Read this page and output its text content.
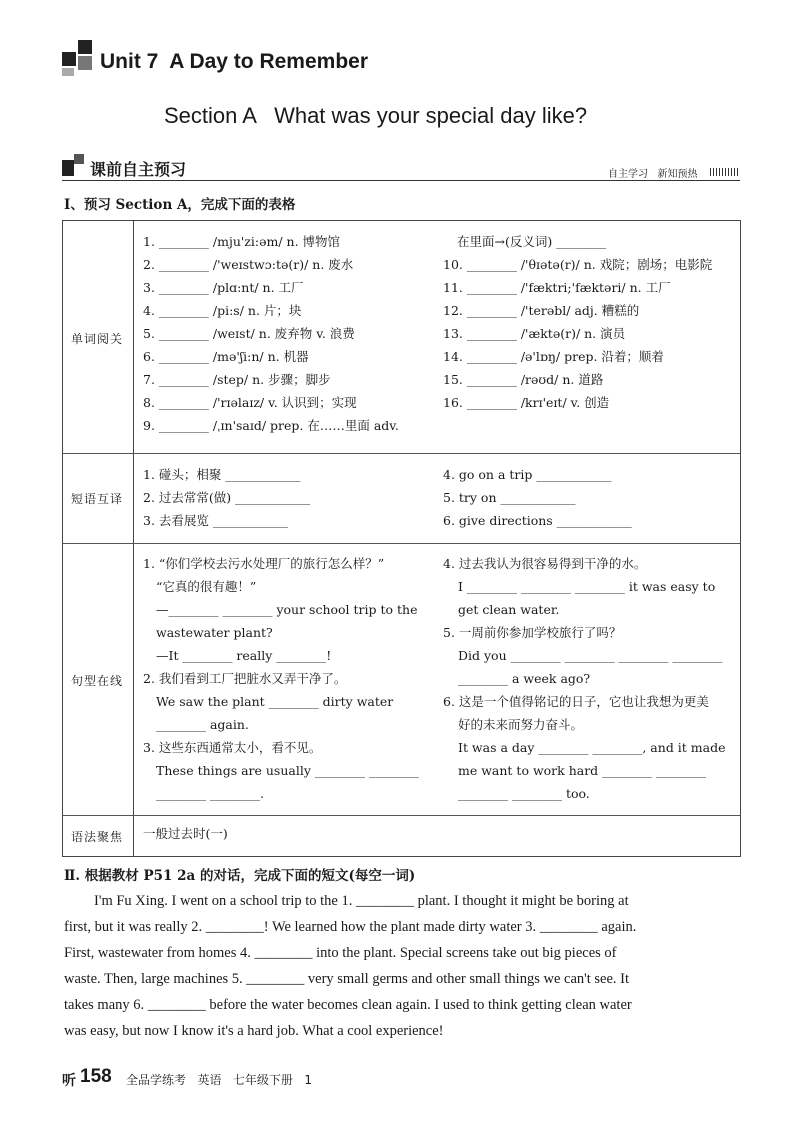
Unit 7  A Day to Remember
Section A   What was your special day like?
课前自主预习	自主学习   新知预热
Ⅰ、预习 Section A，完成下面的表格
单词阅关
1. ________ /mju'zi:əm/ n. 博物馆
2. ________ /'weɪstwɔ:tə(r)/ n. 废水
3. ________ /plɑ:nt/ n. 工厂
4. ________ /pi:s/ n. 片；块
5. ________ /weɪst/ n. 废弃物 v. 浪费
6. ________ /mə'ʃi:n/ n. 机器
7. ________ /step/ n. 步骤；脚步
8. ________ /'rɪəlaɪz/ v. 认识到；实现
9. ________ /ˌɪn'saɪd/ prep. 在……里面 adv.
在里面→(反义词) ________
10. ________ /'θɪətə(r)/ n. 戏院；剧场；电影院
11. ________ /'fæktri;'fæktəri/ n. 工厂
12. ________ /'terəbl/ adj. 糟糕的
13. ________ /'æktə(r)/ n. 演员
14. ________ /ə'lɒŋ/ prep. 沿着；顺着
15. ________ /rəʊd/ n. 道路
16. ________ /krɪ'eɪt/ v. 创造
短语互译
1. 碰头；相聚 ____________
2. 过去常常(做) ____________
3. 去看展览 ____________
4. go on a trip ____________
5. try on ____________
6. give directions ____________
句型在线
1. “你们学校去污水处理厂的旅行怎么样？”
“它真的很有趣！”
—________ ________ your school trip to the
wastewater plant?
—It ________ really ________!
2. 我们看到工厂把脏水又弄干净了。
We saw the plant ________ dirty water
________ again.
3. 这些东西通常太小，看不见。
These things are usually ________ ________
________ ________.
4. 过去我认为很容易得到干净的水。
I ________ ________ ________ it was easy to
get clean water.
5. 一周前你参加学校旅行了吗？
Did you ________ ________ ________ ________
________ a week ago?
6. 这是一个值得铭记的日子，它也让我想为更美
好的未来而努力奋斗。
It was a day ________ ________, and it made
me want to work hard ________ ________
________ ________ too.
语法聚焦	一般过去时(一)
Ⅱ. 根据教材 P51 2a 的对话，完成下面的短文(每空一词)
I'm Fu Xing. I went on a school trip to the 1. ________ plant. I thought it might be boring at
first, but it was really 2. ________! We learned how the plant made dirty water 3. ________ again.
First, wastewater from homes 4. ________ into the plant. Special screens take out big pieces of
waste. Then, large machines 5. ________ very small germs and other small things we can't see. It
takes many 6. ________ before the water becomes clean again. I used to think getting clean water
was easy, but now I know it's a hard job. What a cool experience!
听 158 全品学练考   英语   七年级下册   1
